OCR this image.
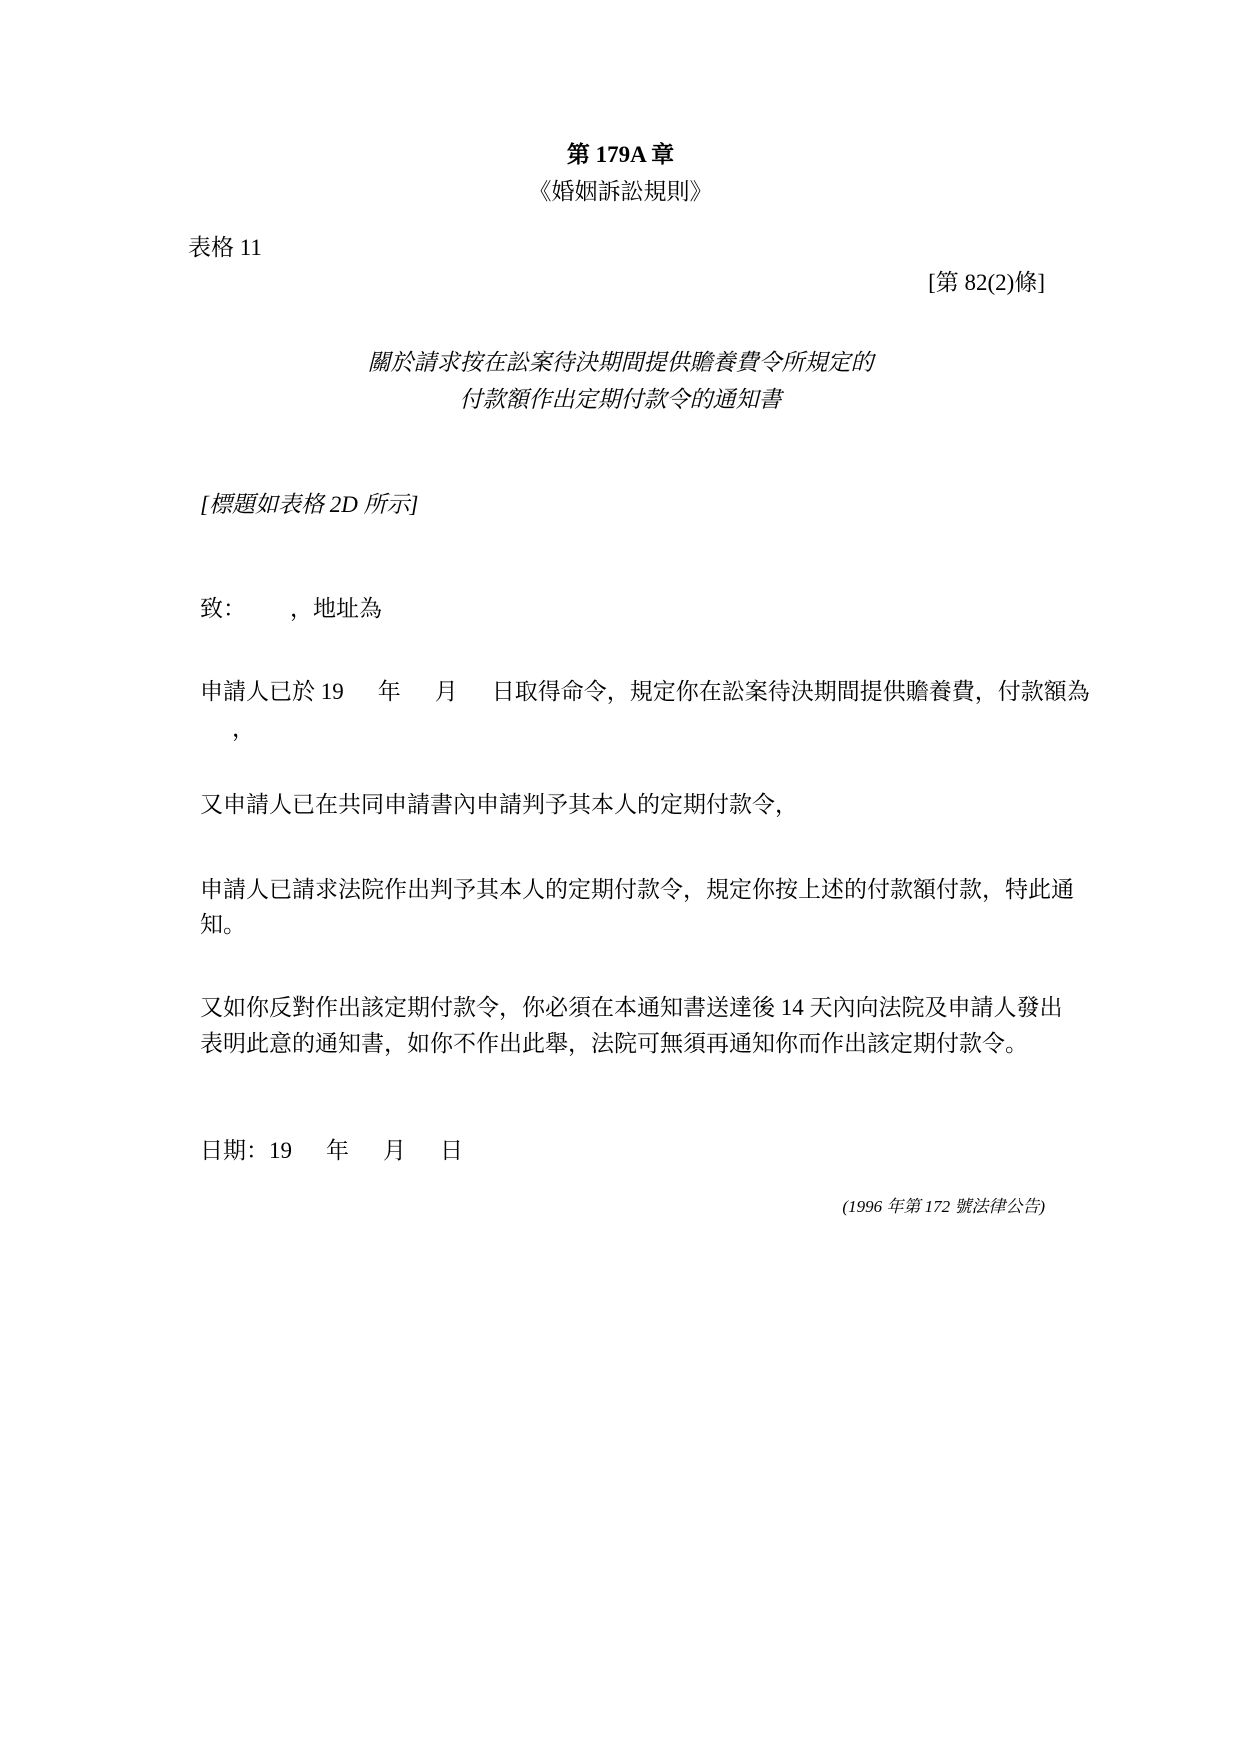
第 179A 章
《婚姻訴訟規則》
表格 11
[第 82(2)條]
關於請求按在訟案待決期間提供贍養費令所規定的
付款額作出定期付款令的通知書
[標題如表格 2D 所示]
致： ，地址為
申請人已於 19 年 月 日取得命令，規定你在訟案待決期間提供贍養費，付款額為
，
又申請人已在共同申請書內申請判予其本人的定期付款令，
申請人已請求法院作出判予其本人的定期付款令，規定你按上述的付款額付款，特此通
知。
又如你反對作出該定期付款令，你必須在本通知書送達後 14 天內向法院及申請人發出
表明此意的通知書，如你不作出此舉，法院可無須再通知你而作出該定期付款令。
日期：19 年 月 日
(1996 年第 172 號法律公告)
